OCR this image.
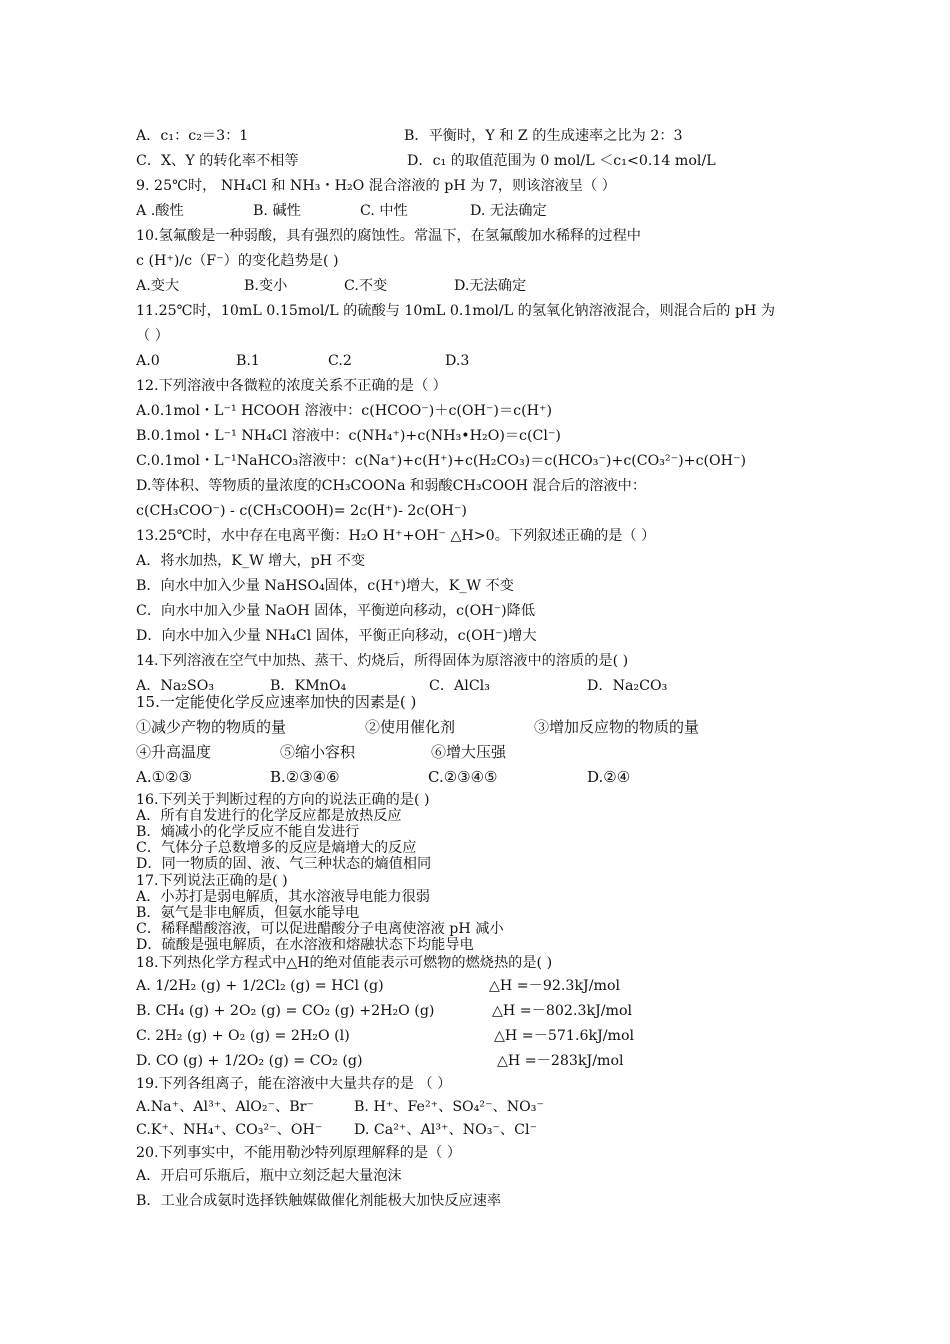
A．c₁：c₂＝3：1	B．平衡时，Y 和 Z 的生成速率之比为 2：3
C．X、Y 的转化率不相等	D．c₁ 的取值范围为 0 mol/L ＜c₁<0.14 mol/L
9. 25℃时， NH₄Cl 和 NH₃・H₂O 混合溶液的 pH 为 7，则该溶液呈（ ）
A .酸性	B. 碱性	C. 中性	D. 无法确定
10.氢氟酸是一种弱酸，具有强烈的腐蚀性。常温下，在氢氟酸加水稀释的过程中
c (H⁺)/c（F⁻）的变化趋势是( )
A.变大	B.变小	C.不变	D.无法确定
11.25℃时，10mL 0.15mol/L 的硫酸与 10mL 0.1mol/L 的氢氧化钠溶液混合，则混合后的 pH 为
（ ）
A.0	B.1	C.2	D.3
12.下列溶液中各微粒的浓度关系不正确的是（ ）
A.0.1mol・L⁻¹ HCOOH 溶液中：c(HCOO⁻)＋c(OH⁻)＝c(H⁺)
B.0.1mol・L⁻¹ NH₄Cl 溶液中：c(NH₄⁺)+c(NH₃•H₂O)＝c(Cl⁻)
C.0.1mol・L⁻¹NaHCO₃溶液中：c(Na⁺)+c(H⁺)+c(H₂CO₃)＝c(HCO₃⁻)+c(CO₃²⁻)+c(OH⁻)
D.等体积、等物质的量浓度的CH₃COONa 和弱酸CH₃COOH 混合后的溶液中：
c(CH₃COO⁻) - c(CH₃COOH)= 2c(H⁺)- 2c(OH⁻)
13.25℃时，水中存在电离平衡：H₂O H⁺+OH⁻ △H>0。下列叙述正确的是（ ）
A．将水加热，K_W 增大，pH 不变
B．向水中加入少量 NaHSO₄固体，c(H⁺)增大，K_W 不变
C．向水中加入少量 NaOH 固体，平衡逆向移动，c(OH⁻)降低
D．向水中加入少量 NH₄Cl 固体，平衡正向移动，c(OH⁻)增大
14.下列溶液在空气中加热、蒸干、灼烧后，所得固体为原溶液中的溶质的是( )
A．Na₂SO₃	B．KMnO₄	C．AlCl₃	D．Na₂CO₃
15.一定能使化学反应速率加快的因素是( )
①减少产物的物质的量	②使用催化剂	③增加反应物的物质的量
④升高温度	⑤缩小容积	⑥增大压强
A.①②③	B.②③④⑥	C.②③④⑤	D.②④
16.下列关于判断过程的方向的说法正确的是( )
A．所有自发进行的化学反应都是放热反应
B．熵减小的化学反应不能自发进行
C．气体分子总数增多的反应是熵增大的反应
D．同一物质的固、液、气三种状态的熵值相同
17.下列说法正确的是( )
A．小苏打是弱电解质，其水溶液导电能力很弱
B．氨气是非电解质，但氨水能导电
C．稀释醋酸溶液，可以促进醋酸分子电离使溶液 pH 减小
D．硫酸是强电解质，在水溶液和熔融状态下均能导电
18.下列热化学方程式中△H的绝对值能表示可燃物的燃烧热的是( )
A. 1/2H₂ (g) + 1/2Cl₂ (g) = HCl (g)	△H =－92.3kJ/mol
B. CH₄ (g) + 2O₂ (g) = CO₂ (g) +2H₂O (g)	△H =－802.3kJ/mol
C. 2H₂ (g) + O₂ (g) = 2H₂O (l)	△H =－571.6kJ/mol
D. CO (g) + 1/2O₂ (g) = CO₂ (g)	△H =－283kJ/mol
19.下列各组离子，能在溶液中大量共存的是 （ ）
A.Na⁺、Al³⁺、AlO₂⁻、Br⁻	B. H⁺、Fe²⁺、SO₄²⁻、NO₃⁻
C.K⁺、NH₄⁺、CO₃²⁻、OH⁻ D. Ca²⁺、Al³⁺、NO₃⁻、Cl⁻
20.下列事实中，不能用勒沙特列原理解释的是（ ）
A．开启可乐瓶后，瓶中立刻泛起大量泡沫
B．工业合成氨时选择铁触媒做催化剂能极大加快反应速率
